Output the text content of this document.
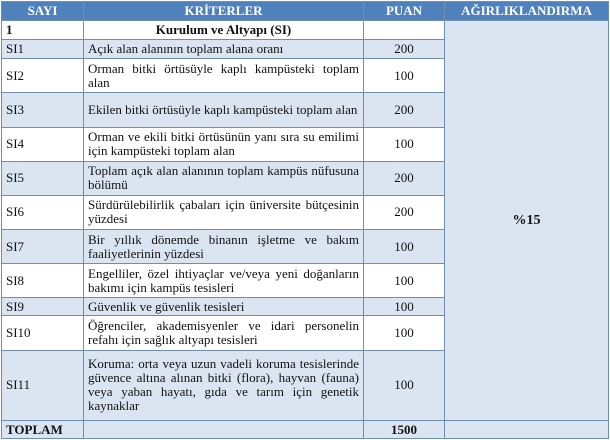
SAYI	KRİTERLER	PUAN	AĞIRLIKLANDIRMA
1	Kurulum ve Altyapı (SI)		%15
SI1	Açık alan alanının toplam alana oranı	200	
SI2	Orman bitki örtüsüyle kaplı kampüsteki toplam alan	100	
SI3	Ekilen bitki örtüsüyle kaplı kampüsteki toplam alan	200	
SI4	Orman ve ekili bitki örtüsünün yanı sıra su emilimi için kampüsteki toplam alan	100	
SI5	Toplam açık alan alanının toplam kampüs nüfusuna bölümü	200	
SI6	Sürdürülebilirlik çabaları için üniversite bütçesinin yüzdesi	200	
SI7	Bir yıllık dönemde binanın işletme ve bakım faaliyetlerinin yüzdesi	100	
SI8	Engelliler, özel ihtiyaçlar ve/veya yeni doğanların bakımı için kampüs tesisleri	100	
SI9	Güvenlik ve güvenlik tesisleri	100	
SI10	Öğrenciler, akademisyenler ve idari personelin refahı için sağlık altyapı tesisleri	100	
SI11	Koruma: orta veya uzun vadeli koruma tesislerinde güvence altına alınan bitki (flora), hayvan (fauna) veya yaban hayatı, gıda ve tarım için genetik kaynaklar	100	
TOPLAM		1500	
